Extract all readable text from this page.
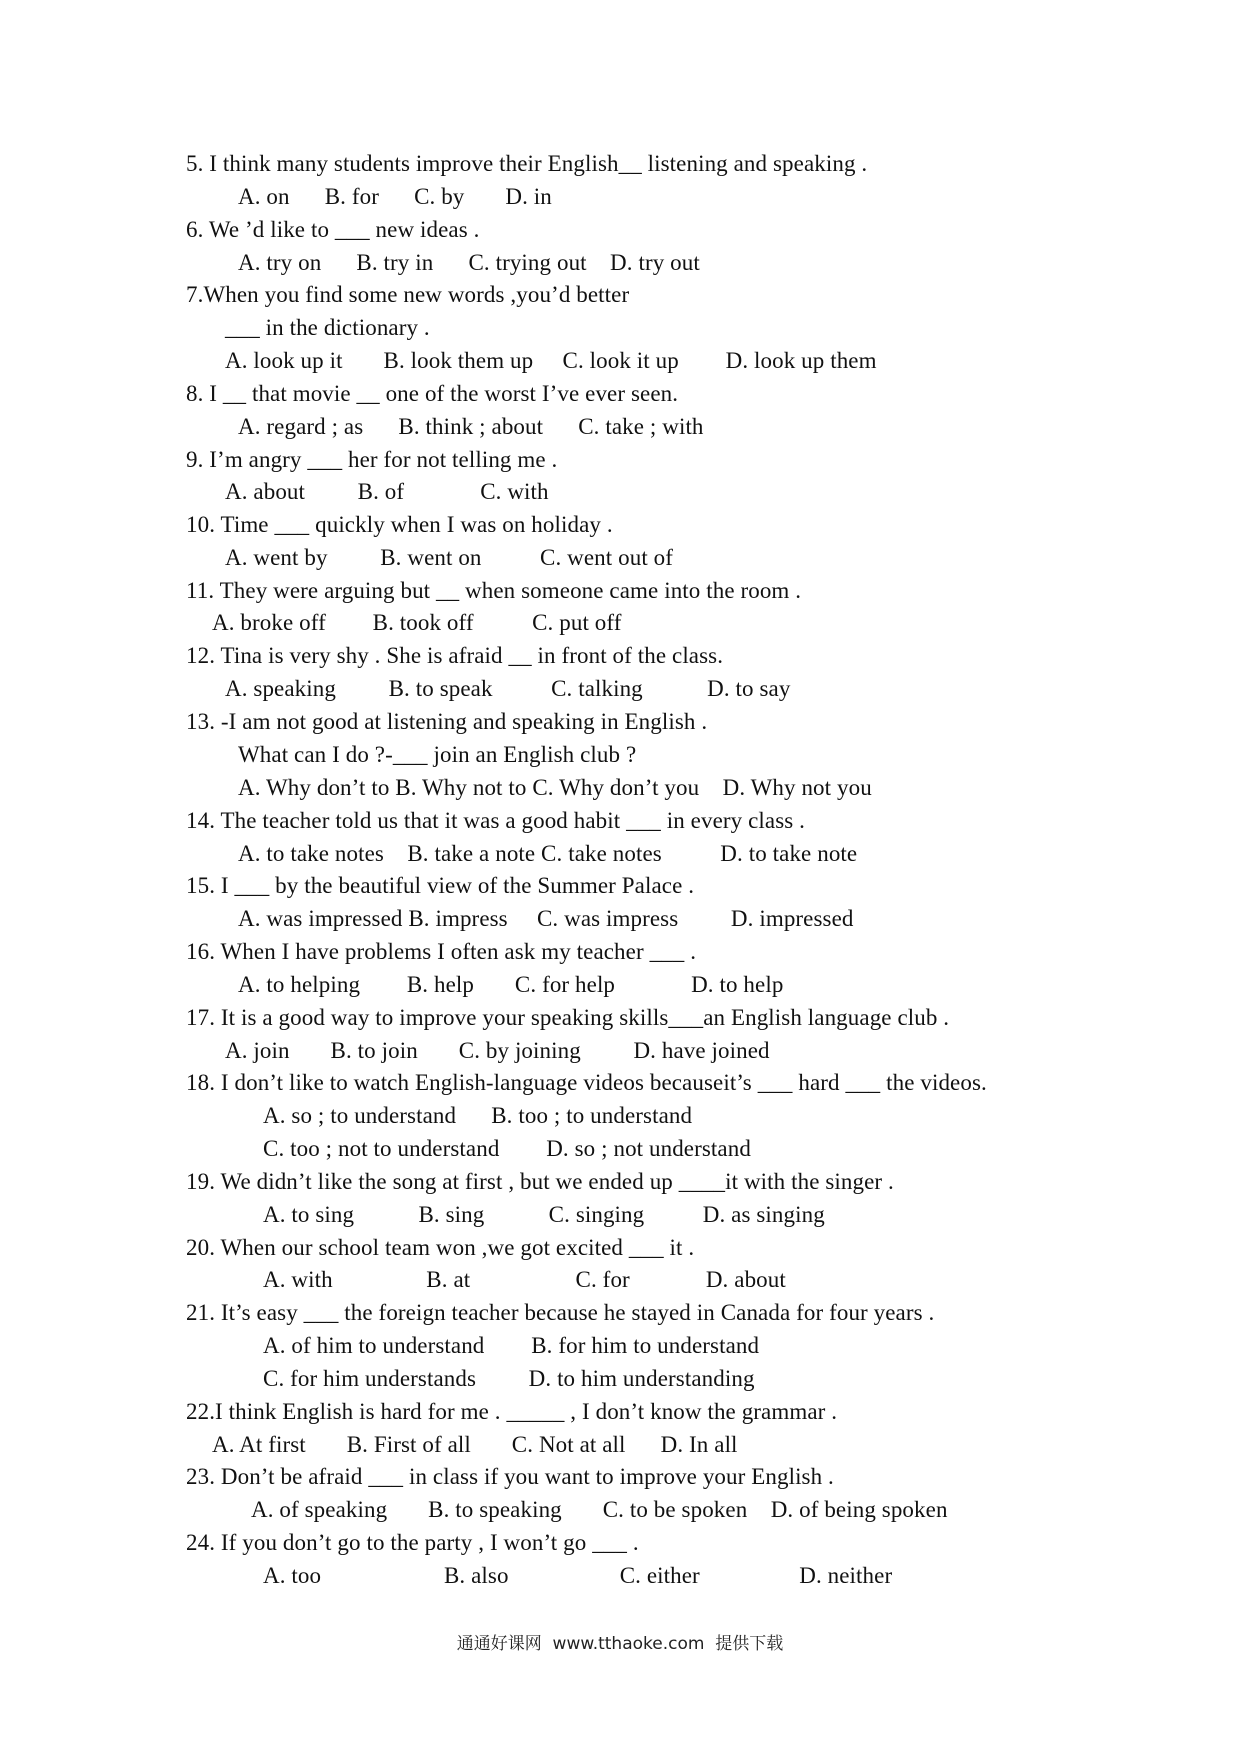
5. I think many students improve their English__ listening and speaking .
A. on      B. for      C. by       D. in
6. We ’d like to ___ new ideas .
A. try on      B. try in      C. trying out    D. try out
7.When you find some new words ,you’d better
___ in the dictionary .
A. look up it       B. look them up     C. look it up        D. look up them
8. I __ that movie __ one of the worst I’ve ever seen.
A. regard ; as      B. think ; about      C. take ; with
9. I’m angry ___ her for not telling me .
A. about         B. of             C. with
10. Time ___ quickly when I was on holiday .
A. went by         B. went on          C. went out of
11. They were arguing but __ when someone came into the room .
A. broke off        B. took off          C. put off
12. Tina is very shy . She is afraid __ in front of the class.
A. speaking         B. to speak          C. talking           D. to say
13. -I am not good at listening and speaking in English .
What can I do ?-___ join an English club ?
A. Why don’t to B. Why not to C. Why don’t you    D. Why not you
14. The teacher told us that it was a good habit ___ in every class .
A. to take notes    B. take a note C. take notes          D. to take note
15. I ___ by the beautiful view of the Summer Palace .
A. was impressed B. impress     C. was impress         D. impressed
16. When I have problems I often ask my teacher ___ .
A. to helping        B. help       C. for help             D. to help
17. It is a good way to improve your speaking skills___an English language club .
A. join       B. to join       C. by joining         D. have joined
18. I don’t like to watch English-language videos becauseit’s ___ hard ___ the videos.
A. so ; to understand      B. too ; to understand
C. too ; not to understand        D. so ; not understand
19. We didn’t like the song at first , but we ended up ____it with the singer .
A. to sing           B. sing           C. singing          D. as singing
20. When our school team won ,we got excited ___ it .
A. with                B. at                  C. for             D. about
21. It’s easy ___ the foreign teacher because he stayed in Canada for four years .
A. of him to understand        B. for him to understand
C. for him understands         D. to him understanding
22.I think English is hard for me . _____ , I don’t know the grammar .
A. At first       B. First of all       C. Not at all      D. In all
23. Don’t be afraid ___ in class if you want to improve your English .
A. of speaking       B. to speaking       C. to be spoken    D. of being spoken
24. If you don’t go to the party , I won’t go ___ .
A. too                     B. also                   C. either                 D. neither
通通好课网  www.tthaoke.com  提供下载
